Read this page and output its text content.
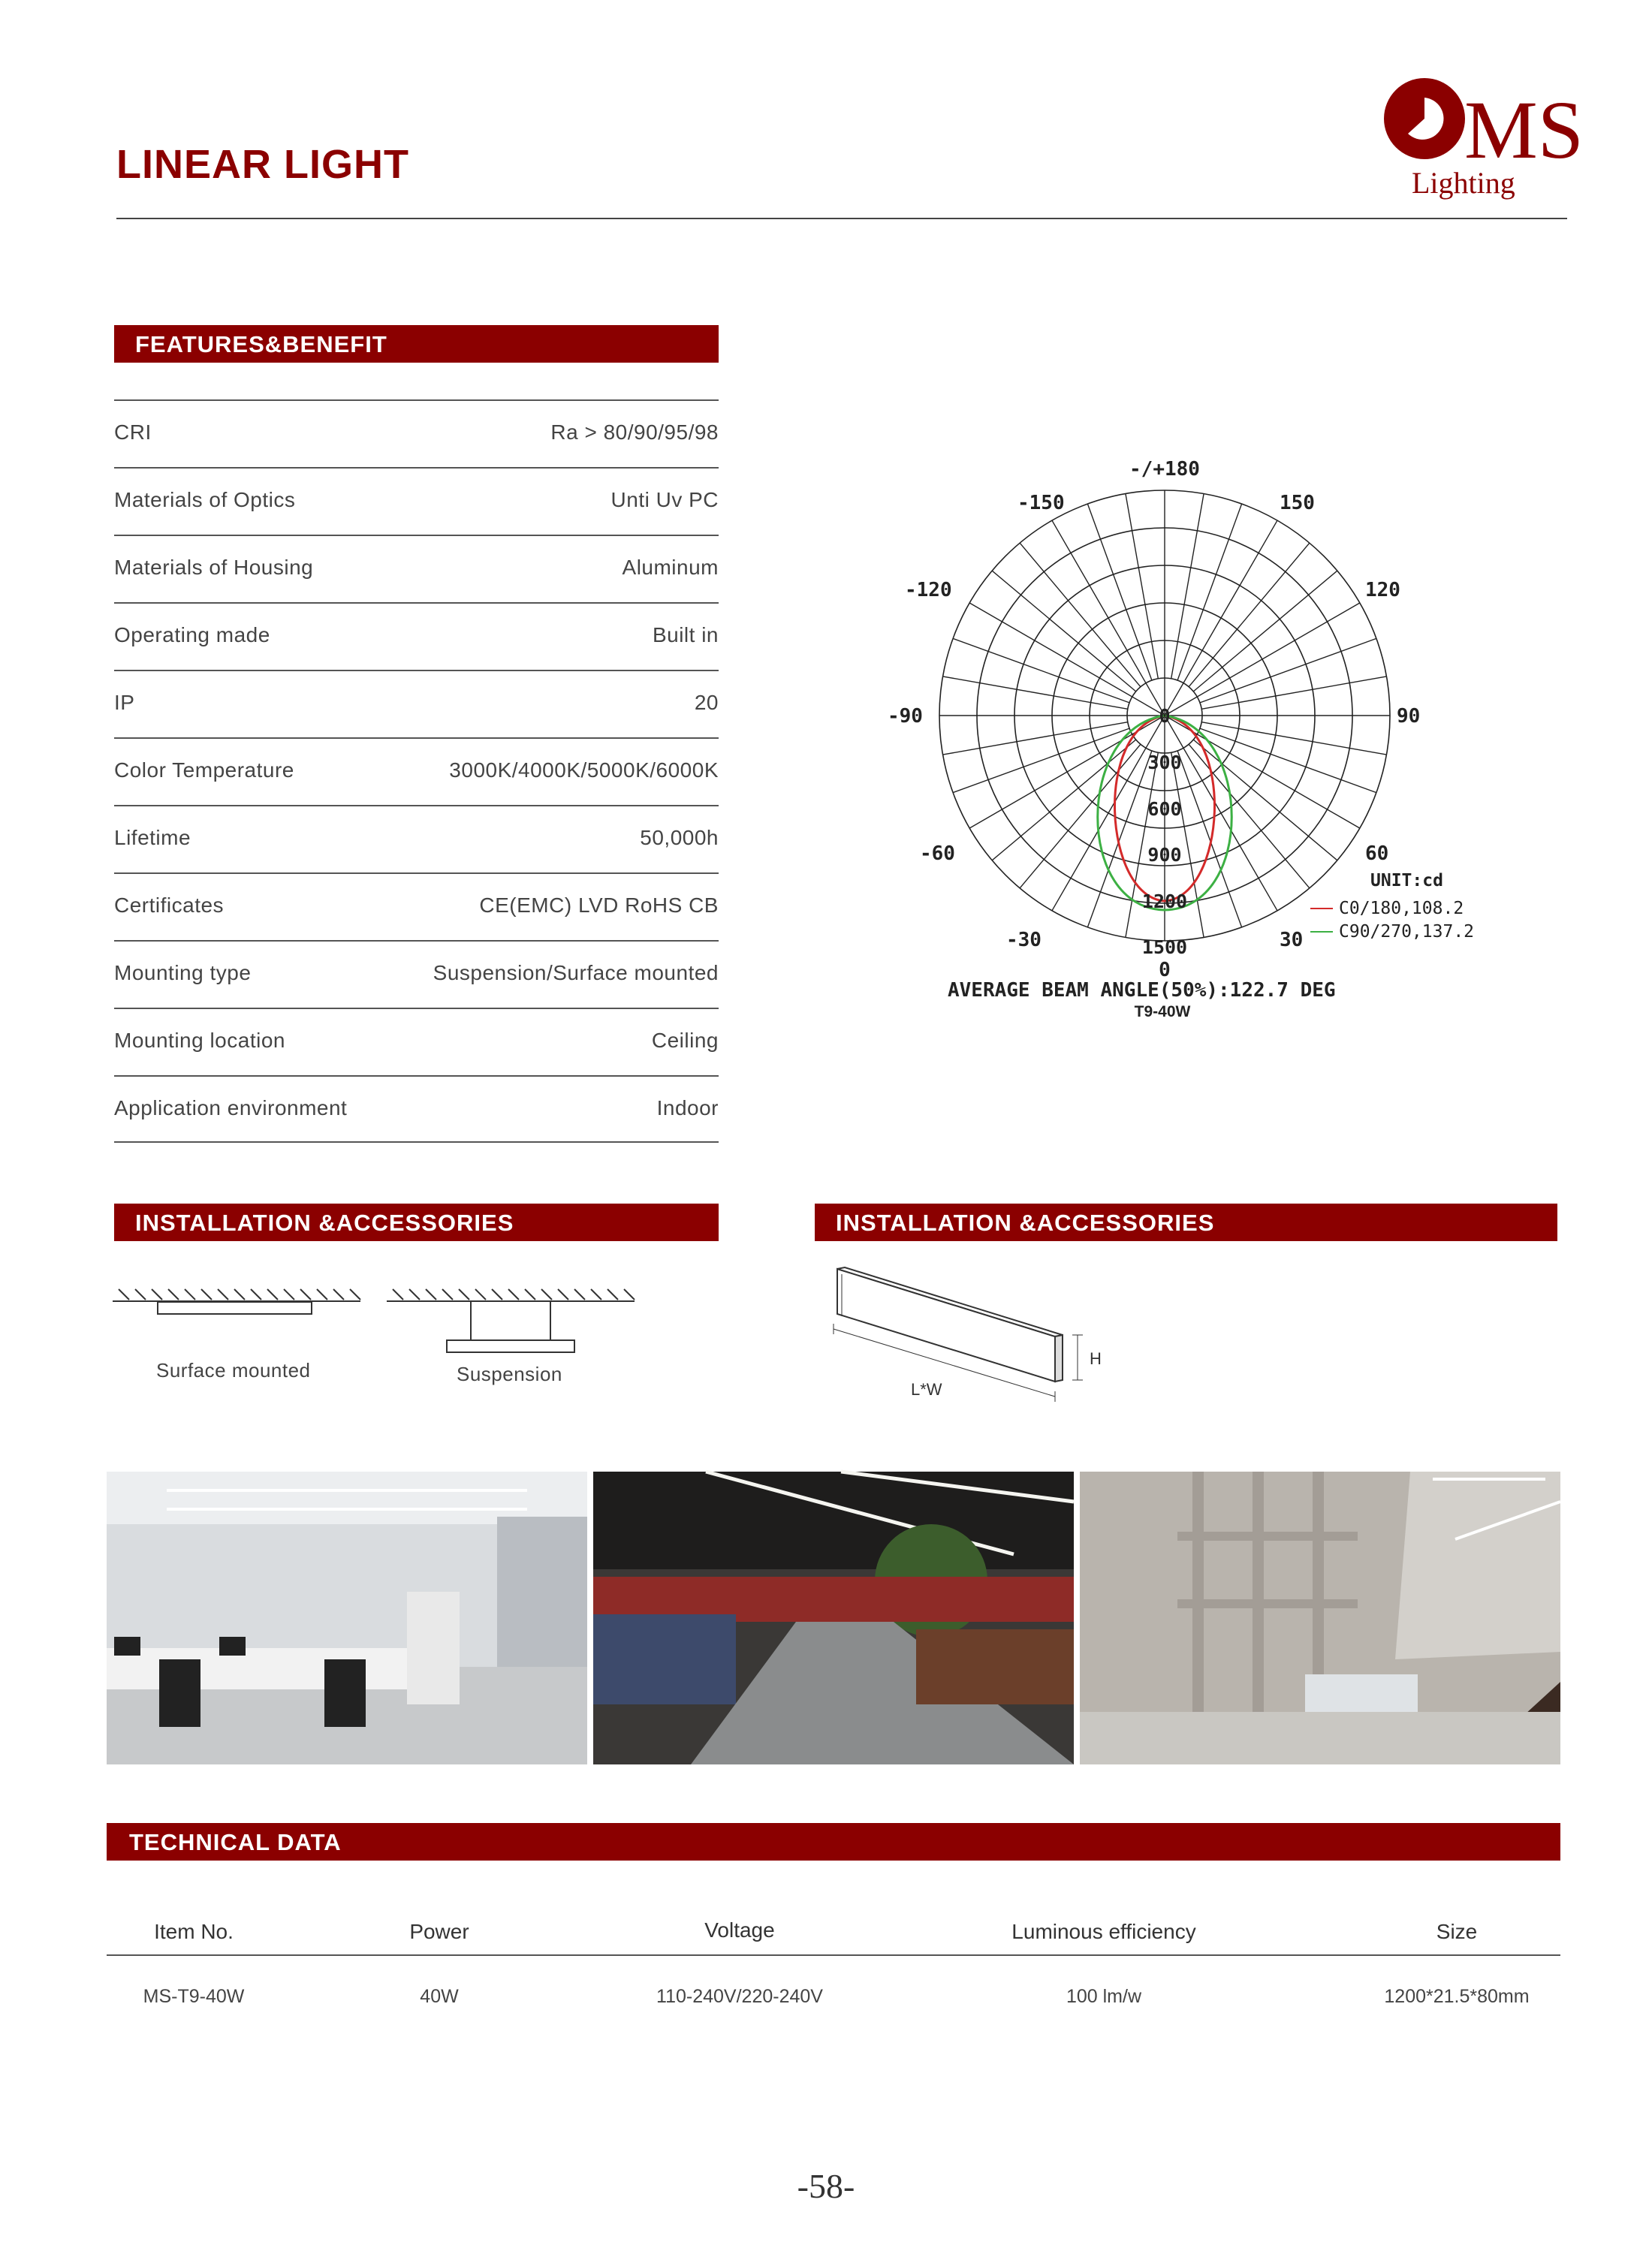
LINEAR LIGHT	MS
Lighting
FEATURES&BENEFIT
CRI	Ra > 80/90/95/98
Materials of Optics	Unti Uv PC
Materials of Housing	Aluminum
Operating made	Built in
IP	20
Color Temperature	3000K/4000K/5000K/6000K
Lifetime	50,000h
Certificates	CE(EMC) LVD RoHS CB
Mounting type	Suspension/Surface mounted
Mounting location	Ceiling
Application environment	Indoor
-/+180
-150	150
-120	120
-90	90
-60	60
-30	30
0
0
300
600
900
1200
1500
UNIT:cd
C0/180,108.2
C90/270,137.2
AVERAGE BEAM ANGLE(50%):122.7 DEG
T9-40W
INSTALLATION &ACCESSORIES	INSTALLATION &ACCESSORIES
Surface mounted	Suspension
H
L*W
TECHNICAL DATA
Item No.	Power	Voltage	Luminous efficiency	Size
MS-T9-40W	40W	110-240V/220-240V	100 lm/w	1200*21.5*80mm
-58-
